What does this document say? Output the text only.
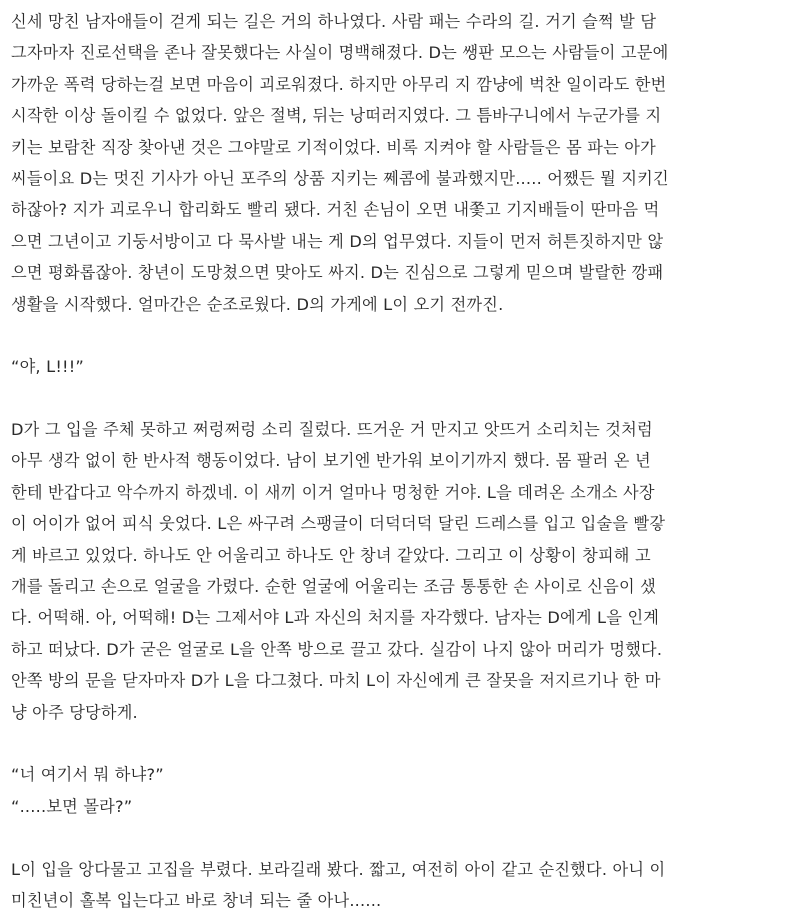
신세 망친 남자애들이 걷게 되는 길은 거의 하나였다. 사람 패는 수라의 길. 거기 슬쩍 발 담
그자마자 진로선택을 존나 잘못했다는 사실이 명백해졌다. D는 쌩판 모으는 사람들이 고문에
가까운 폭력 당하는걸 보면 마음이 괴로워졌다. 하지만 아무리 지 깜냥에 벅찬 일이라도 한번
시작한 이상 돌이킬 수 없었다. 앞은 절벽, 뒤는 낭떠러지였다. 그 틈바구니에서 누군가를 지
키는 보람찬 직장 찾아낸 것은 그야말로 기적이었다. 비록 지켜야 할 사람들은 몸 파는 아가
씨들이요 D는 멋진 기사가 아닌 포주의 상품 지키는 쩨콤에 불과했지만..... 어쨌든 뭘 지키긴
하잖아? 지가 괴로우니 합리화도 빨리 됐다. 거친 손님이 오면 내쫓고 기지배들이 딴마음 먹
으면 그년이고 기둥서방이고 다 묵사발 내는 게 D의 업무였다. 지들이 먼저 허튼짓하지만 않
으면 평화롭잖아. 창년이 도망쳤으면 맞아도 싸지. D는 진심으로 그렇게 믿으며 발랄한 깡패
생활을 시작했다. 얼마간은 순조로웠다. D의 가게에 L이 오기 전까진.
“야, L!!!”
D가 그 입을 주체 못하고 쩌렁쩌렁 소리 질렀다. 뜨거운 거 만지고 앗뜨거 소리치는 것처럼
아무 생각 없이 한 반사적 행동이었다. 남이 보기엔 반가워 보이기까지 했다. 몸 팔러 온 년
한테 반갑다고 악수까지 하겠네. 이 새끼 이거 얼마나 멍청한 거야. L을 데려온 소개소 사장
이 어이가 없어 피식 웃었다. L은 싸구려 스팽글이 더덕더덕 달린 드레스를 입고 입술을 빨갛
게 바르고 있었다. 하나도 안 어울리고 하나도 안 창녀 같았다. 그리고 이 상황이 창피해 고
개를 돌리고 손으로 얼굴을 가렸다. 순한 얼굴에 어울리는 조금 통통한 손 사이로 신음이 샜
다. 어떡해. 아, 어떡해! D는 그제서야 L과 자신의 처지를 자각했다. 남자는 D에게 L을 인계
하고 떠났다. D가 굳은 얼굴로 L을 안쪽 방으로 끌고 갔다. 실감이 나지 않아 머리가 멍했다.
안쪽 방의 문을 닫자마자 D가 L을 다그쳤다. 마치 L이 자신에게 큰 잘못을 저지르기나 한 마
냥 아주 당당하게.
“너 여기서 뭐 하냐?”
“.....보면 몰라?”
L이 입을 앙다물고 고집을 부렸다. 보라길래 봤다. 짧고, 여전히 아이 같고 순진했다. 아니 이
미친년이 홀복 입는다고 바로 창녀 되는 줄 아나......
